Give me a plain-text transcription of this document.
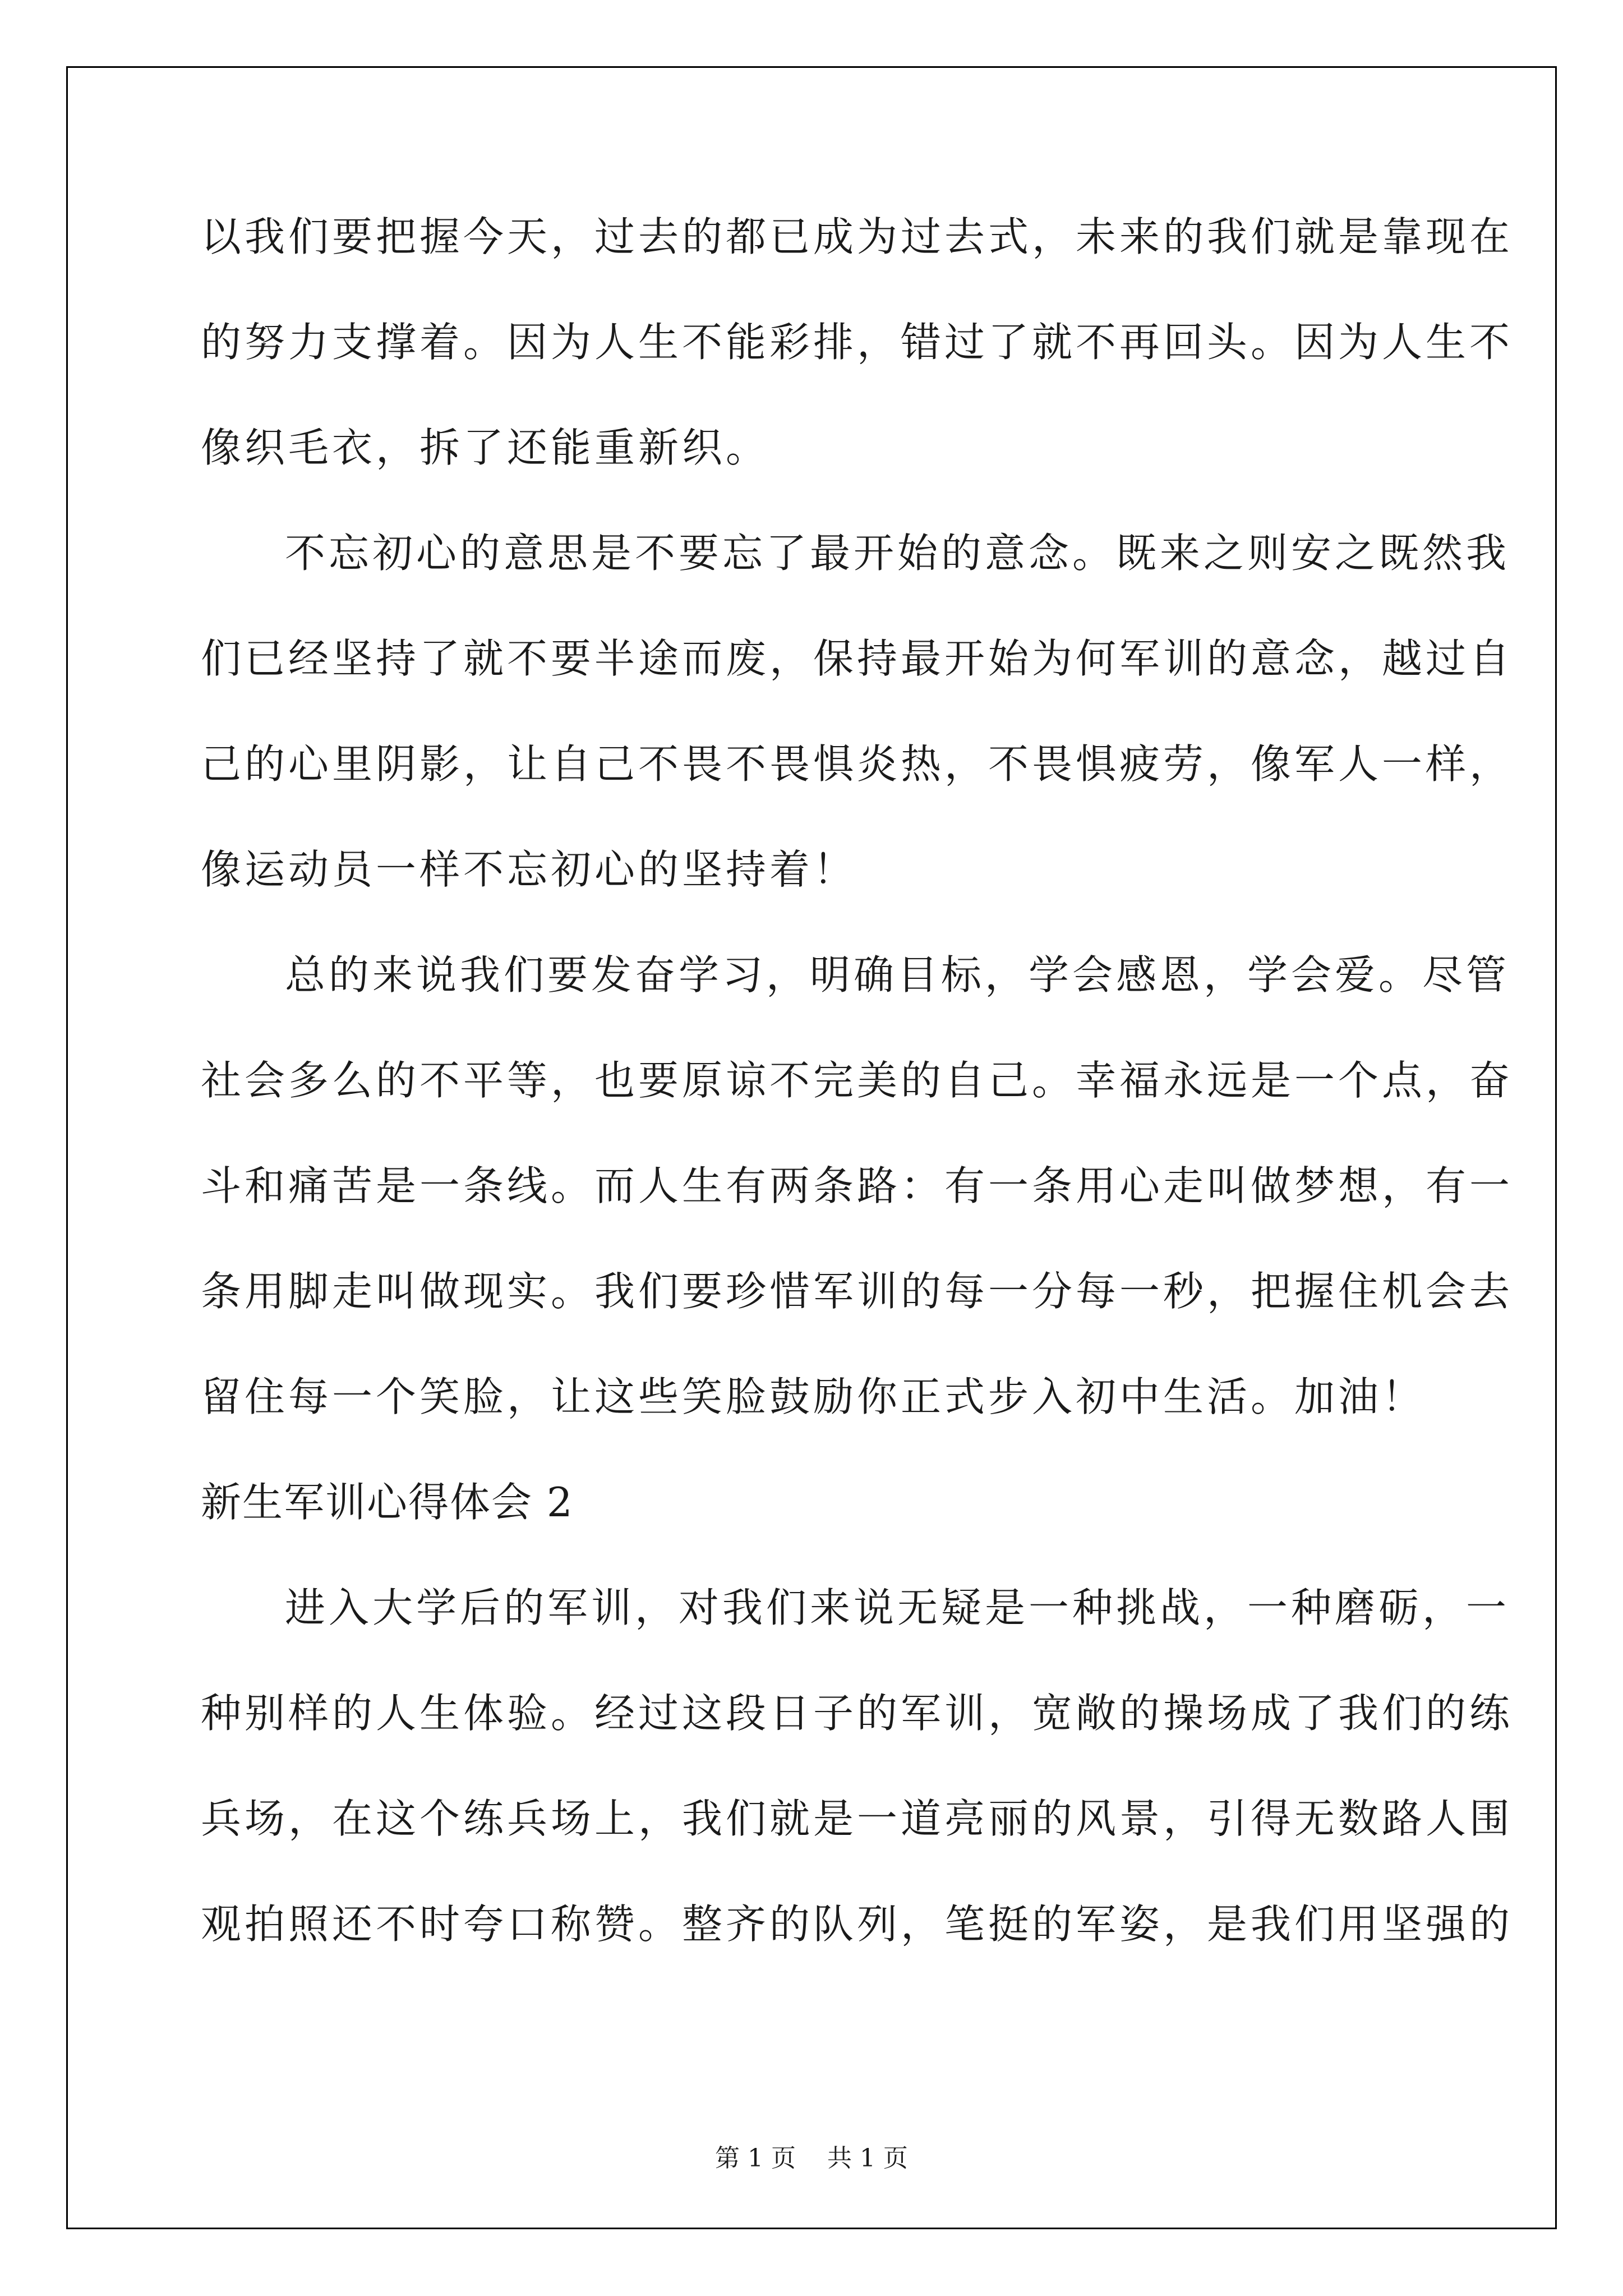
以我们要把握今天，过去的都已成为过去式，未来的我们就是靠现在
的努力支撑着。因为人生不能彩排，错过了就不再回头。因为人生不
像织毛衣，拆了还能重新织。
不忘初心的意思是不要忘了最开始的意念。既来之则安之既然我
们已经坚持了就不要半途而废，保持最开始为何军训的意念，越过自
己的心里阴影，让自己不畏不畏惧炎热，不畏惧疲劳，像军人一样，
像运动员一样不忘初心的坚持着！
总的来说我们要发奋学习，明确目标，学会感恩，学会爱。尽管
社会多么的不平等，也要原谅不完美的自己。幸福永远是一个点，奋
斗和痛苦是一条线。而人生有两条路：有一条用心走叫做梦想，有一
条用脚走叫做现实。我们要珍惜军训的每一分每一秒，把握住机会去
留住每一个笑脸，让这些笑脸鼓励你正式步入初中生活。加油！
新生军训心得体会 2
进入大学后的军训，对我们来说无疑是一种挑战，一种磨砺，一
种别样的人生体验。经过这段日子的军训，宽敞的操场成了我们的练
兵场，在这个练兵场上，我们就是一道亮丽的风景，引得无数路人围
观拍照还不时夸口称赞。整齐的队列，笔挺的军姿，是我们用坚强的
第 1 页    共 1 页
